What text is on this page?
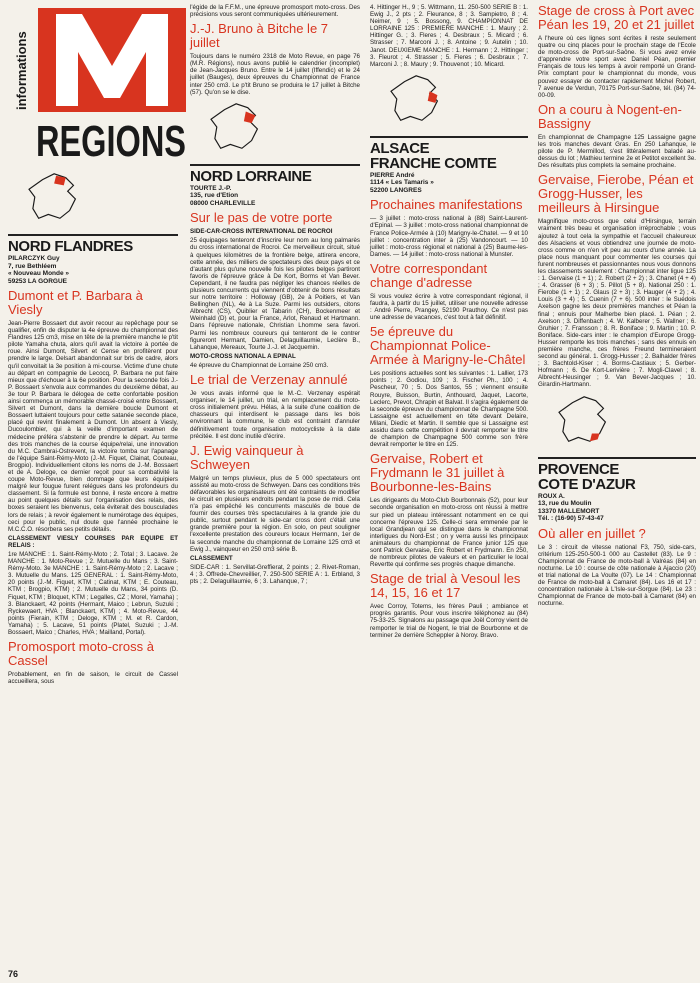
informations
REGIONS
NORD FLANDRES
PILARCZYK Guy
7, rue Bethléem
« Nouveau Monde »
59253 LA GORGUE
Dumont et P. Barbara à Viesly

Jean-Pierre Bossaert dut avoir recour au repêchage pour se qualifier, enfin de disputer la 4e épreuve du championnat des Flandres 125 cm3, mise en tête de la première manche le p'tit pilote Yamaha chuta, alors qu'il avait la victoire à portée de roue. Ainsi Dumont, Silvert et Cense en profitèrent pour prendre le large. Delsart abandonnait sur bris de cadre, alors qu'il convoitait la 3e position à mi-course. Victime d'une chute au départ en compagnie de Lecocq, P. Barbara ne put faire mieux que d'échouer à la 6e position. Pour la seconde fois J.-P. Bossaert s'envola aux commandes du deuxième débat, au 3e tour P. Barbara le délogea de cette confortable position ainsi commença un mémorable chassé-croisé entre Bossaert, Silvert et Dumont, dans la dernière boucle Dumont et Bossaert luttaient toujours pour cette satanée seconde place, placé qui revint finalement à Dumont. Un absent à Viesly, Ducoulombier, qui à la veille d'important examen de médecine préféra s'abstenir de prendre le départ. Au terme des trois manches de la course équipe/relai, une innovation du M.C. Cambrai-Ostrevent, la victoire tomba sur l'apanage de l'équipe Saint-Rémy-Moto (J.-M. Fiquet, Clainat, Couteau, Brogpio). Individuellement citons les noms de J.-M. Bossaert et de A. Deloge, ce dernier reçoit pour sa combativité la coupe Moto-Revue, bien dommage que leurs équipiers malgré leur fougue furent relégues dans les profondeurs du classement. Si la formule est bonne, il reste encore à mettre au point quelques détails sur l'organisation des relais, des boxes seraient les bienvenus, cela éviterait des bousculades lors de relais ; à revoir également le numérotage des équipes, ceci pour le public, nul doute que l'année prochaine le M.C.C.O. résorbera ses petits détails.

CLASSEMENT VIESLY COURSES PAR EQUIPE ET RELAIS :

1re MANCHE : 1. Saint-Rémy-Moto ; 2. Total ; 3. Lacave. 2e MANCHE : 1. Moto-Revue ; 2. Mutuelle du Mans ; 3. Saint-Rémy-Moto. 3e MANCHE : 1. Saint-Rémy-Moto ; 2. Lacave ; 3. Mutuelle du Mans. 125 GENERAL : 1. Saint-Rémy-Moto, 20 points (J.-M. Fiquet, KTM ; Catinat, KTM ; E. Couteau, KTM ; Brogpio, KTM) ; 2. Mutuelle du Mans, 34 points (D. Fiquet, KTM ; Bloquet, KTM ; Legalles, CZ ; Morel, Yamaha) ; 3. Blanckaert, 42 points (Hermant, Maico ; Lebrun, Suzuki ; Ryckewaert, HVA ; Blanckaert, KTM) ; 4. Moto-Revue, 44 points (Fierain, KTM ; Deloge, KTM ; M. et R. Cardon, Yamaha) ; 5. Lacave, 51 points (Platel, Suzuki ; J.-M. Bossaert, Maico ; Charles, HVA ; Mailland, Portal).

Promosport moto-cross à Cassel

Probablement, en fin de saison, le circuit de Cassel accueillera, sous

l'égide de la F.F.M., une épreuve promosport moto-cross. Des précisions vous seront communiquées ultérieurement.

J.-J. Bruno à Bitche le 7 juillet

Toujours dans le numéro 2318 de Moto Revue, en page 76 (M.R. Régions), nous avons publié le calendrier (incomplet) de Jean-Jacques Bruno. Entre le 14 juillet (Iffendic) et le 24 juillet (Bauges), deux épreuves du Championnat de France inter 250 cm3. Le p'tit Bruno se produira le 17 juillet à Bitche (57). Qu'on se le dise.

NORD LORRAINE
TOURTE J.-P.
135, rue d'Etion
08000 CHARLEVILLE
Sur le pas de votre porte

SIDE-CAR-CROSS INTERNATIONAL DE ROCROI

25 équipages tenteront d'inscrire leur nom au long palmarès du cross international de Rocroi. Ce merveilleux circuit, situé à quelques kilomètres de la frontière belge, attirera encore, cette année, des milliers de spectateurs des deux pays et ce d'autant plus qu'une nouvelle fois les pilotes belges partiront favoris de l'épreuve grâce à De Kort, Borms et Van Bever. Cependant, il ne faudra pas négliger les chances réelles de plusieurs concurrents qui viennent d'obtenir de bons résultats sur notre territoire : Holloway (GB), 2e à Poitiers, et Van Bellinghen (NL), 4e à La Suze. Parmi les outsiders, citons Albrecht (CS), Quiblier et Tabarin (CH), Bockenmeer et Weinhald (D) et, pour la France, Arlot, Renaud et Hartmann. Dans l'épreuve nationale, Christian Lhomme sera favori. Parmi les nombreux coureurs qui tenteront de le contrer figureront Hermant, Damien, Delaguillaumie, Leclère B., Lahanque, Mereaux, Tourte J.-J. et Jacquemin.

MOTO-CROSS NATIONAL A EPINAL

4e épreuve du Championnat de Lorraine 250 cm3.

Le trial de Verzenay annulé

Je vous avais informé que le M.-C. Verzenay espérait organiser, le 14 juillet, un trial, en remplacement du moto-cross initialement prévu. Hélas, à la suite d'une coalition de chasseurs qui interdisent le passage dans les bois environnant la commune, le club est contraint d'annuler définitivement toute organisation motocycliste à la date précitée. Il est donc inutile d'écrire.

J. Ewig vainqueur à Schweyen

Malgré un temps pluvieux, plus de 5 000 spectateurs ont assisté au moto-cross de Schweyen. Dans ces conditions très défavorables les organisateurs ont été contraints de modifier le circuit en plusieurs endroits pendant la pose de midi. Cela n'a pas empêché les concurrents masculés de boue de fournir des courses très spectaculaires à la grande joie du public, surtout pendant le side-car cross dont c'était une grande première pour la région. En solo, on peut souligner l'excellente prestation des coureurs locaux Hermann, 1er de la seconde manche du championnat de Lorraine 125 cm3 et Ewig J., vainqueur en 250 cm3 série B.

CLASSEMENT

SIDE-CAR : 1. Servillat-Greffierat, 2 points ; 2. Rivet-Roman, 4 ; 3. Offrede-Chevreillier, 7. 250-500 SERIE A : 1. Erbland, 3 pts ; 2. Delaguillaumie, 6 ; 3. Lahanque, 7 ;

4. Hittinger H., 9 ; 5. Wittmann, 11. 250-500 SERIE B : 1. Ewig J., 2 pts ; 2. Fleurance, 8 ; 3. Sampietro, 8 ; 4. Neimer, 9 ; 5. Bossong, 9. CHAMPIONNAT DE LORRAINE 125 : PREMIERE MANCHE : 1. Maury ; 2. Hittinger G. ; 3. Fleres ; 4. Desbraux ; 5. Micard ; 6. Strasser ; 7. Marconi J. ; 8. Antoine ; 9. Autelin ; 10. Janot. DEUXIEME MANCHE : 1. Hermann ; 2. Hittinger ; 3. Fleurot ; 4. Strasser ; 5. Fleres ; 6. Desbraux ; 7. Marconi J. ; 8. Maury ; 9. Thouvenot ; 10. Micard.

ALSACE
FRANCHE COMTE
PIERRE André
1114 « Les Tamaris »
52200 LANGRES
Prochaines manifestations

— 3 juillet : moto-cross national à (88) Saint-Laurent-d'Epinal. — 3 juillet : moto-cross national championnat de France Police-Armée à (10) Marigny-le-Chatel. — 9 et 10 juillet : concentration inter à (25) Vandoncourt. — 10 juillet : moto-cross régional et national à (25) Baume-les-Dames. — 14 juillet : moto-cross national à Munster.

Votre correspondant change d'adresse

Si vous voulez écrire à votre correspondant régional, il faudra, à partir du 15 juillet, utiliser une nouvelle adresse : André Pierre, Prangey, 52190 Prauthoy. Ce n'est pas une adresse de vacances, c'est tout à fait définitif.

5e épreuve du Championnat Police-Armée à Marigny-le-Châtel

Les positions actuelles sont les suivantes : 1. Lallier, 173 points ; 2. Godiou, 109 ; 3. Fischer Ph., 100 ; 4. Pescheur, 70 ; 5. Dos Santos, 55 ; viennent ensuite Rouyre, Buisson, Burtin, Anthouard, Jaquet, Lacorte, Leclerc, Prevot, Chrapin et Balvat. Il s'agira également de la seconde épreuve du championnat de Champagne 500. Lassaigne est actuellement en tête devant Delaire, Milani, Diedic et Martin. Il semble que si Lassaigne est assidu dans cette compétition il devrait remporter le titre de champion de Champagne 500 comme son frère devrait remporter le titre en 125.

Gervaise, Robert et Frydmann le 31 juillet à Bourbonne-les-Bains

Les dirigeants du Moto-Club Bourbonnais (52), pour leur seconde organisation en moto-cross ont réussi à mettre sur pied un plateau intéressant notamment en ce qui concerne l'épreuve 125. Celle-ci sera emmenée par le local Grandjean qui se distingue dans le championnat interligues du Nord-Est ; on y verra aussi les principaux animateurs du championnat de France junior 125 que sont Patrick Gervaise, Eric Robert et Frydmann. En 250, de nombreux pilotes de valeurs et en particulier le local Revertte qui confirme ses progrès chaque dimanche.

Stage de trial à Vesoul les 14, 15, 16 et 17

Avec Corroy, Totems, les frères Pauli ; ambiance et progrès garantis. Pour vous inscrire téléphonez au (84) 75-33-25. Signalons au passage que Joël Corroy vient de remporter le trial de Nogent, le trial de Bourbonne et de terminer 2e derrière Scheppler à Noroy. Bravo.

Stage de cross à Port avec Péan les 19, 20 et 21 juillet

A l'heure où ces lignes sont écrites il reste seulement quatre ou cinq places pour le prochain stage de l'Ecole de moto-cross de Port-sur-Saône. Si vous avez envie d'apprendre votre sport avec Daniel Péan, premier Français de tous les temps à avoir remporté un Grand-Prix comptant pour le championnat du monde, vous pouvez essayer de contacter rapidement Michel Robert, 7 avenue de Verdun, 70175 Port-sur-Saône, tél. (84) 74-00-09.

On a couru à Nogent-en-Bassigny

En championnat de Champagne 125 Lassaigne gagne les trois manches devant Gras. En 250 Lahanque, le pilote de P. Mermillod, s'est littéralement baladé au-dessus du lot ; Mathieu termine 2e et Petitot excellent 3e. Des résultats plus complets la semaine prochaine.

Gervaise, Fierobe, Péan et Grogg-Husser, les meilleurs à Hirsingue

Magnifique moto-cross que celui d'Hirsingue, terrain vraiment très beau et organisation irréprochable ; vous ajoutez à tout cela la sympathie et l'accueil chaleureux des Alsaciens et vous obtiendrez une journée de moto-cross comme on n'en vit peu au cours d'une année. La place nous manquant pour commenter les courses qui furent nombreuses et passionnantes nous vous donnons les classements seulement : Championnat inter ligue 125 : 1. Gervaise (1 + 1) ; 2. Robert (2 + 2) ; 3. Chanet (4 + 4) ; 4. Grasser (6 + 3) ; 5. Pillot (5 + 8). National 250 : 1. Fierobe (1 + 1) ; 2. Glaus (2 + 3) ; 3. Hauger (4 + 2) ; 4. Louis (3 + 4) ; 5. Cuenin (7 + 6). 500 inter : le Suédois Axelson gagne les deux premières manches et Péan la final ; ennuis pour Malherbe bien placé. 1. Péan ; 2. Axelson ; 3. Diffenbach ; 4. W. Kalberer ; 5. Wallner ; 6. Gruhier ; 7. Fransson ; 8. R. Boniface ; 9. Martin ; 10. P. Boniface. Side-cars inter : le champion d'Europe Grogg-Husser remporte les trois manches ; sans des ennuis en première manche, ces frères Freund termineraient second au général. 1. Grogg-Husser ; 2. Balhalder frères ; 3. Bachtold-Kiser ; 4. Borms-Castiaux ; 5. Gerber-Hofmann ; 6. De Kort-Lerivière ; 7. Mogli-Clavel ; 8. Albrecht-Heusinger ; 9. Van Bever-Jacques ; 10. Girardin-Hartmann.

PROVENCE
COTE D'AZUR
ROUX A.
13, rue du Moulin
13370 MALLEMORT
Tél. : (16-90) 57-43-47
Où aller en juillet ?

Le 3 : circuit de vitesse national F3, 750, side-cars, critérium 125-250-500-1 000 au Castellet (83). Le 9 : Championnat de France de moto-ball à Valréas (84) en nocturne. Le 10 : course de côte nationale à Ajaccio (20) et trial national de La Voulte (07). Le 14 : Championnat de France de moto-ball à Camaret (84). Les 16 et 17 : concentration nationale à L'Isle-sur-Sorgue (84). Le 23 : Championnat de France de moto-ball à Camaret (84) en nocturne.

76
